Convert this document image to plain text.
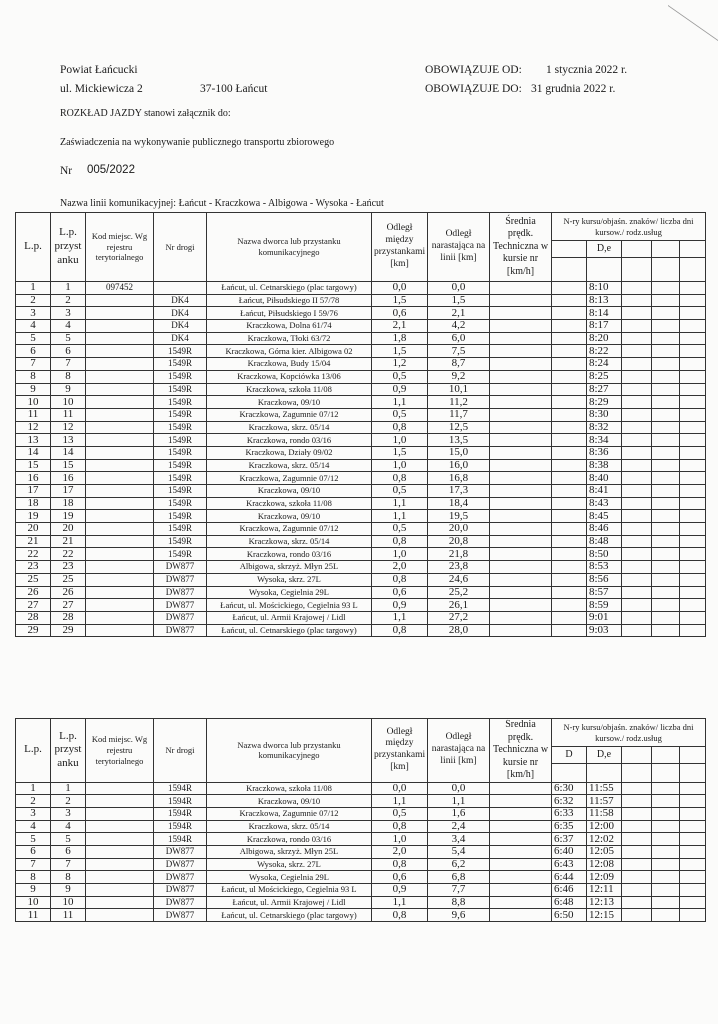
Powiat Łańcucki
ul. Mickiewicza 2	37-100 Łańcut
OBOWIĄZUJE OD: 1 stycznia 2022 r.
OBOWIĄZUJE DO: 31 grudnia 2022 r.
ROZKŁAD JAZDY stanowi załącznik do:
Zaświadczenia na wykonywanie publicznego transportu zbiorowego
Nr 005/2022
Nazwa linii komunikacyjnej: Łańcut - Kraczkowa - Albigowa - Wysoka - Łańcut
L.p.	L.p. przyst anku	Kod miejsc. Wg rejestru terytorialnego	Nr drogi	Nazwa dworca lub przystanku komunikacyjnego	Odległ między przystankami [km]	Odległ narastająca na linii [km]	Średnia prędk. Techniczna w kursie nr [km/h]	N-ry kursu/objaśn. znaków/ liczba dni kursow./ rodz.usług				

									D,e			

1	1	097452		Łańcut, ul. Cetnarskiego (plac targowy)	0,0	0,0			8:10			
2	2		DK4	Łańcut, Piłsudskiego II 57/78	1,5	1,5			8:13			
3	3		DK4	Łańcut, Piłsudskiego I 59/76	0,6	2,1			8:14			
4	4		DK4	Kraczkowa, Dolna 61/74	2,1	4,2			8:17			
5	5		DK4	Kraczkowa, Tłoki 63/72	1,8	6,0			8:20			
6	6		1549R	Kraczkowa, Górna kier. Albigowa 02	1,5	7,5			8:22			
7	7		1549R	Kraczkowa, Budy 15/04	1,2	8,7			8:24			
8	8		1549R	Kraczkowa, Kopciówka 13/06	0,5	9,2			8:25			
9	9		1549R	Kraczkowa, szkoła 11/08	0,9	10,1			8:27			
10	10		1549R	Kraczkowa, 09/10	1,1	11,2			8:29			
11	11		1549R	Kraczkowa, Zagumnie 07/12	0,5	11,7			8:30			
12	12		1549R	Kraczkowa, skrz. 05/14	0,8	12,5			8:32			
13	13		1549R	Kraczkowa, rondo 03/16	1,0	13,5			8:34			
14	14		1549R	Kraczkowa, Działy 09/02	1,5	15,0			8:36			
15	15		1549R	Kraczkowa, skrz. 05/14	1,0	16,0			8:38			
16	16		1549R	Kraczkowa, Zagumnie 07/12	0,8	16,8			8:40			
17	17		1549R	Kraczkowa, 09/10	0,5	17,3			8:41			
18	18		1549R	Kraczkowa, szkoła 11/08	1,1	18,4			8:43			
19	19		1549R	Kraczkowa, 09/10	1,1	19,5			8:45			
20	20		1549R	Kraczkowa, Zagumnie 07/12	0,5	20,0			8:46			
21	21		1549R	Kraczkowa, skrz. 05/14	0,8	20,8			8:48			
22	22		1549R	Kraczkowa, rondo 03/16	1,0	21,8			8:50			
23	23		DW877	Albigowa, skrzyż. Młyn 25L	2,0	23,8			8:53			
25	25		DW877	Wysoka, skrz. 27L	0,8	24,6			8:56			
26	26		DW877	Wysoka, Cegielnia 29L	0,6	25,2			8:57			
27	27		DW877	Łańcut, ul. Mościckiego, Cegielnia 93 L	0,9	26,1			8:59			
28	28		DW877	Łańcut, ul. Armii Krajowej / Lidl	1,1	27,2			9:01			
29	29		DW877	Łańcut, ul. Cetnarskiego (plac targowy)	0,8	28,0			9:03			
L.p.	L.p. przyst anku	Kod miejsc. Wg rejestru terytorialnego	Nr drogi	Nazwa dworca lub przystanku komunikacyjnego	Odległ między przystankami [km]	Odległ narastająca na linii [km]	Średnia prędk. Techniczna w kursie nr [km/h]	N-ry kursu/objaśn. znaków/ liczba dni kursow./ rodz.usług				

								D	D,e			

1	1		1594R	Kraczkowa, szkoła 11/08	0,0	0,0		6:30	11:55			
2	2		1594R	Kraczkowa, 09/10	1,1	1,1		6:32	11:57			
3	3		1594R	Kraczkowa, Zagumnie 07/12	0,5	1,6		6:33	11:58			
4	4		1594R	Kraczkowa, skrz. 05/14	0,8	2,4		6:35	12:00			
5	5		1594R	Kraczkowa, rondo 03/16	1,0	3,4		6:37	12:02			
6	6		DW877	Albigowa, skrzyż. Młyn 25L	2,0	5,4		6:40	12:05			
7	7		DW877	Wysoka, skrz. 27L	0,8	6,2		6:43	12:08			
8	8		DW877	Wysoka, Cegielnia 29L	0,6	6,8		6:44	12:09			
9	9		DW877	Łańcut, ul Mościckiego, Cegielnia 93 L	0,9	7,7		6:46	12:11			
10	10		DW877	Łańcut, ul. Armii Krajowej / Lidl	1,1	8,8		6:48	12:13			
11	11		DW877	Łańcut, ul. Cetnarskiego (plac targowy)	0,8	9,6		6:50	12:15			
